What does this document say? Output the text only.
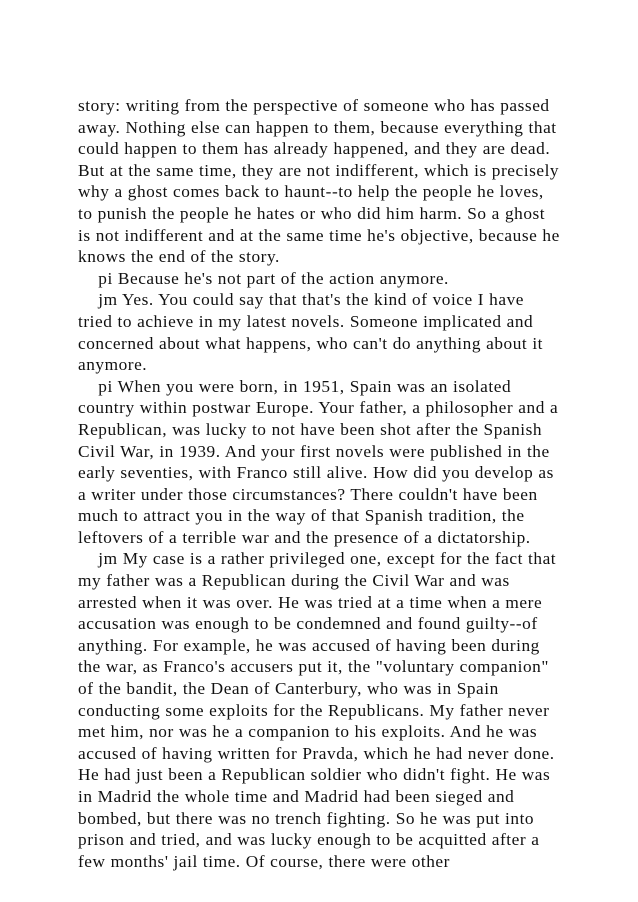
story: writing from the perspective of someone who has passed
away. Nothing else can happen to them, because everything that
could happen to them has already happened, and they are dead.
But at the same time, they are not indifferent, which is precisely
why a ghost comes back to haunt--to help the people he loves,
to punish the people he hates or who did him harm. So a ghost
is not indifferent and at the same time he's objective, because he
knows the end of the story.
pi Because he's not part of the action anymore.
jm Yes. You could say that that's the kind of voice I have
tried to achieve in my latest novels. Someone implicated and
concerned about what happens, who can't do anything about it
anymore.
pi When you were born, in 1951, Spain was an isolated
country within postwar Europe. Your father, a philosopher and a
Republican, was lucky to not have been shot after the Spanish
Civil War, in 1939. And your first novels were published in the
early seventies, with Franco still alive. How did you develop as
a writer under those circumstances? There couldn't have been
much to attract you in the way of that Spanish tradition, the
leftovers of a terrible war and the presence of a dictatorship.
jm My case is a rather privileged one, except for the fact that
my father was a Republican during the Civil War and was
arrested when it was over. He was tried at a time when a mere
accusation was enough to be condemned and found guilty--of
anything. For example, he was accused of having been during
the war, as Franco's accusers put it, the "voluntary companion"
of the bandit, the Dean of Canterbury, who was in Spain
conducting some exploits for the Republicans. My father never
met him, nor was he a companion to his exploits. And he was
accused of having written for Pravda, which he had never done.
He had just been a Republican soldier who didn't fight. He was
in Madrid the whole time and Madrid had been sieged and
bombed, but there was no trench fighting. So he was put into
prison and tried, and was lucky enough to be acquitted after a
few months' jail time. Of course, there were other
